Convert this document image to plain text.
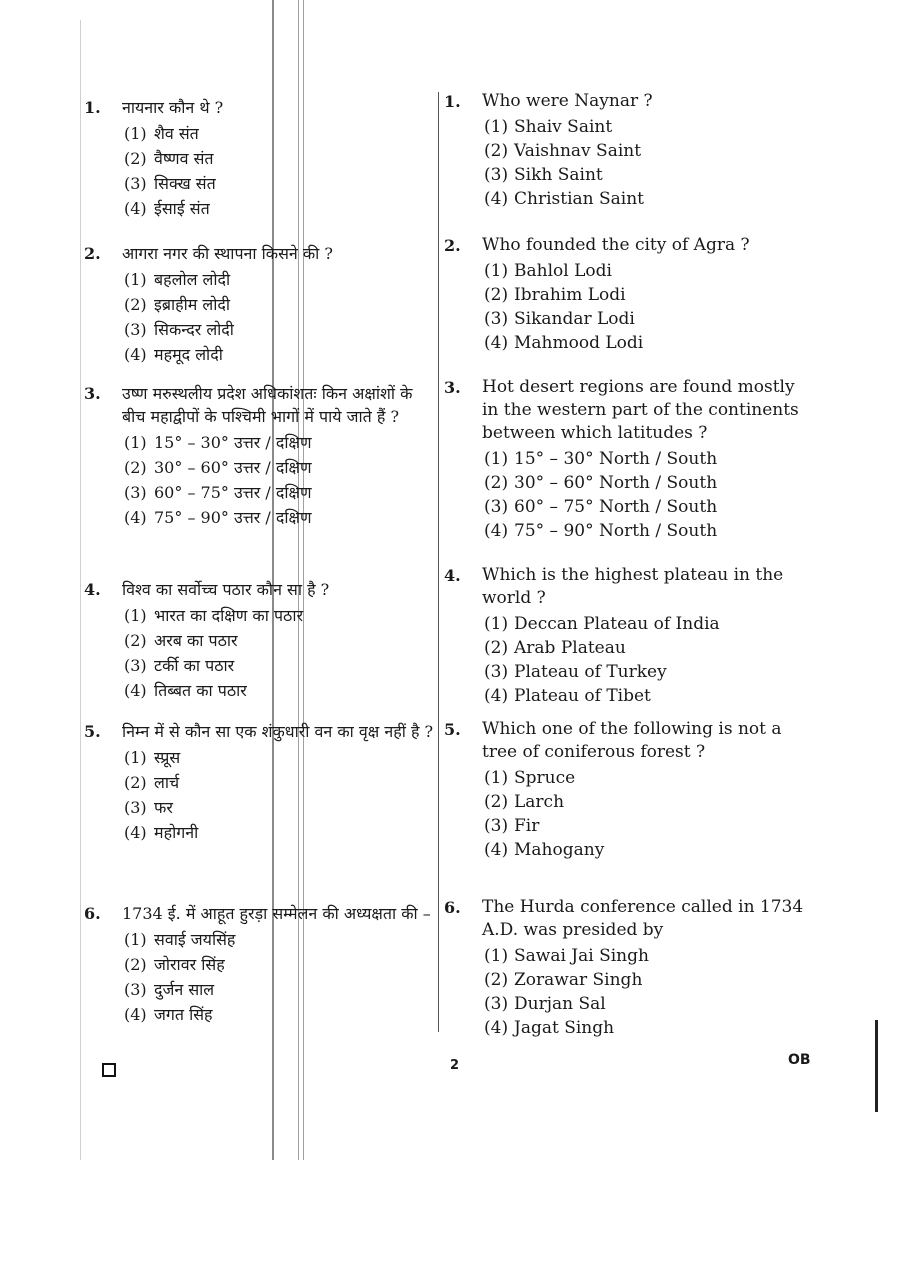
1. नायनार कौन थे ?
(1) शैव संत
(2) वैष्णव संत
(3) सिक्ख संत
(4) ईसाई संत
2. आगरा नगर की स्थापना किसने की ?
(1) बहलोल लोदी
(2) इब्राहीम लोदी
(3) सिकन्दर लोदी
(4) महमूद लोदी
3. उष्ण मरुस्थलीय प्रदेश अधिकांशतः किन अक्षांशों के बीच महाद्वीपों के पश्चिमी भागों में पाये जाते हैं ?
(1) 15° – 30° उत्तर / दक्षिण
(2) 30° – 60° उत्तर / दक्षिण
(3) 60° – 75° उत्तर / दक्षिण
(4) 75° – 90° उत्तर / दक्षिण
4. विश्व का सर्वोच्च पठार कौन सा है ?
(1) भारत का दक्षिण का पठार
(2) अरब का पठार
(3) टर्की का पठार
(4) तिब्बत का पठार
5. निम्न में से कौन सा एक शंकुधारी वन का वृक्ष नहीं है ?
(1) स्प्रूस
(2) लार्च
(3) फर
(4) महोगनी
6. 1734 ई. में आहूत हुरड़ा सम्मेलन की अध्यक्षता की –
(1) सवाई जयसिंह
(2) जोरावर सिंह
(3) दुर्जन साल
(4) जगत सिंह
1. Who were Naynar ?
(1) Shaiv Saint
(2) Vaishnav Saint
(3) Sikh Saint
(4) Christian Saint
2. Who founded the city of Agra ?
(1) Bahlol Lodi
(2) Ibrahim Lodi
(3) Sikandar Lodi
(4) Mahmood Lodi
3. Hot desert regions are found mostly in the western part of the continents between which latitudes ?
(1) 15° – 30° North / South
(2) 30° – 60° North / South
(3) 60° – 75° North / South
(4) 75° – 90° North / South
4. Which is the highest plateau in the world ?
(1) Deccan Plateau of India
(2) Arab Plateau
(3) Plateau of Turkey
(4) Plateau of Tibet
5. Which one of the following is not a tree of coniferous forest ?
(1) Spruce
(2) Larch
(3) Fir
(4) Mahogany
6. The Hurda conference called in 1734 A.D. was presided by
(1) Sawai Jai Singh
(2) Zorawar Singh
(3) Durjan Sal
(4) Jagat Singh
2	OB
